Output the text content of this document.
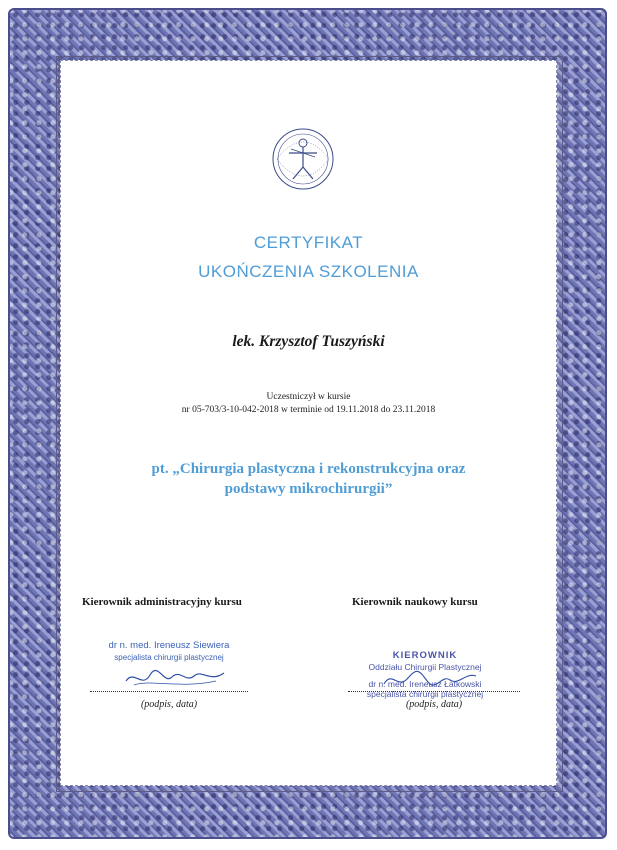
CERTYFIKAT
UKOŃCZENIA SZKOLENIA
lek. Krzysztof Tuszyński
Uczestniczył w kursie
nr 05-703/3-10-042-2018 w terminie od 19.11.2018 do 23.11.2018
pt. „Chirurgia plastyczna i rekonstrukcyjna oraz podstawy mikrochirurgii”
Kierownik administracyjny kursu	Kierownik naukowy kursu
dr n. med. Ireneusz Siewiera
specjalista chirurgii plastycznej	KIEROWNIK
Oddziału Chirurgii Plastycznej
dr n. med. Ireneusz Łatkowski
specjalista chirurgii plastycznej
(podpis, data)	(podpis, data)
